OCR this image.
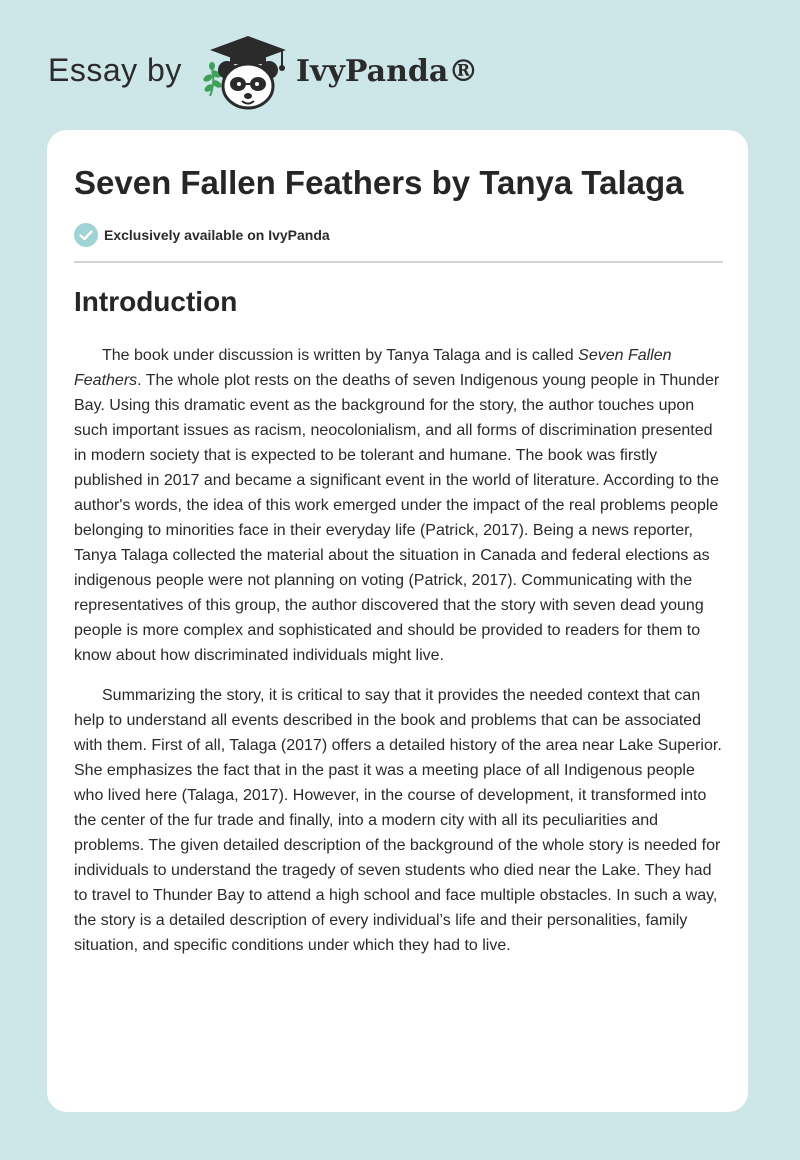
Essay by	IvyPanda®
Seven Fallen Feathers by Tanya Talaga
Exclusively available on IvyPanda
Introduction

The book under discussion is written by Tanya Talaga and is called Seven Fallen Feathers. The whole plot rests on the deaths of seven Indigenous young people in Thunder Bay. Using this dramatic event as the background for the story, the author touches upon such important issues as racism, neocolonialism, and all forms of discrimination presented in modern society that is expected to be tolerant and humane. The book was firstly published in 2017 and became a significant event in the world of literature. According to the author's words, the idea of this work emerged under the impact of the real problems people belonging to minorities face in their everyday life (Patrick, 2017). Being a news reporter, Tanya Talaga collected the material about the situation in Canada and federal elections as indigenous people were not planning on voting (Patrick, 2017). Communicating with the representatives of this group, the author discovered that the story with seven dead young people is more complex and sophisticated and should be provided to readers for them to know about how discriminated individuals might live.

Summarizing the story, it is critical to say that it provides the needed context that can help to understand all events described in the book and problems that can be associated with them. First of all, Talaga (2017) offers a detailed history of the area near Lake Superior. She emphasizes the fact that in the past it was a meeting place of all Indigenous people who lived here (Talaga, 2017). However, in the course of development, it transformed into the center of the fur trade and finally, into a modern city with all its peculiarities and problems. The given detailed description of the background of the whole story is needed for individuals to understand the tragedy of seven students who died near the Lake. They had to travel to Thunder Bay to attend a high school and face multiple obstacles. In such a way, the story is a detailed description of every individual’s life and their personalities, family situation, and specific conditions under which they had to live.
